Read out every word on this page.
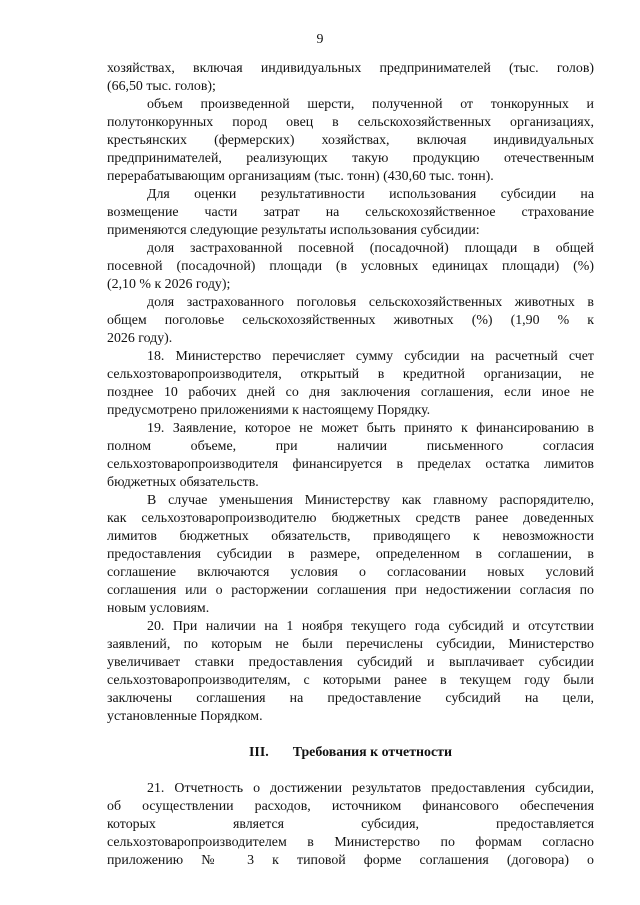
9
хозяйствах, включая индивидуальных предпринимателей (тыс. голов)
(66,50 тыс. голов);
объем произведенной шерсти, полученной от тонкорунных и
полутонкорунных пород овец в сельскохозяйственных организациях,
крестьянских (фермерских) хозяйствах, включая индивидуальных
предпринимателей, реализующих такую продукцию отечественным
перерабатывающим организациям (тыс. тонн) (430,60 тыс. тонн).
Для оценки результативности использования субсидии на
возмещение части затрат на сельскохозяйственное страхование
применяются следующие результаты использования субсидии:
доля застрахованной посевной (посадочной) площади в общей
посевной (посадочной) площади (в условных единицах площади) (%)
(2,10 % к 2026 году);
доля застрахованного поголовья сельскохозяйственных животных в
общем поголовье сельскохозяйственных животных (%) (1,90 % к
2026 году).
18. Министерство перечисляет сумму субсидии на расчетный счет
сельхозтоваропроизводителя, открытый в кредитной организации, не
позднее 10 рабочих дней со дня заключения соглашения, если иное не
предусмотрено приложениями к настоящему Порядку.
19. Заявление, которое не может быть принято к финансированию в
полном объеме, при наличии письменного согласия
сельхозтоваропроизводителя финансируется в пределах остатка лимитов
бюджетных обязательств.
В случае уменьшения Министерству как главному распорядителю,
как сельхозтоваропроизводителю бюджетных средств ранее доведенных
лимитов бюджетных обязательств, приводящего к невозможности
предоставления субсидии в размере, определенном в соглашении, в
соглашение включаются условия о согласовании новых условий
соглашения или о расторжении соглашения при недостижении согласия по
новым условиям.
20. При наличии на 1 ноября текущего года субсидий и отсутствии
заявлений, по которым не были перечислены субсидии, Министерство
увеличивает ставки предоставления субсидий и выплачивает субсидии
сельхозтоваропроизводителям, с которыми ранее в текущем году были
заключены соглашения на предоставление субсидий на цели,
установленные Порядком.
III. Требования к отчетности
21. Отчетность о достижении результатов предоставления субсидии,
об осуществлении расходов, источником финансового обеспечения
которых является субсидия, предоставляется
сельхозтоваропроизводителем в Министерство по формам согласно
приложению № 3 к типовой форме соглашения (договора) о
